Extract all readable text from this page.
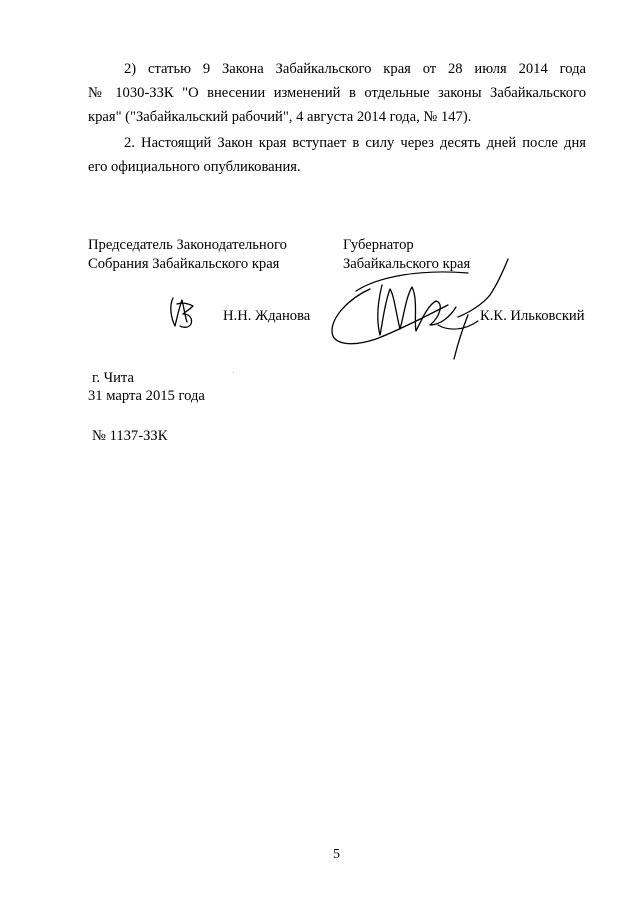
2) статью 9 Закона Забайкальского края от 28 июля 2014 года
№ 1030-ЗЗК "О внесении изменений в отдельные законы Забайкальского
края" ("Забайкальский рабочий", 4 августа 2014 года, № 147).
2. Настоящий Закон края вступает в силу через десять дней после дня
его официального опубликования.
Председатель Законодательного
Собрания Забайкальского края
Губернатор
Забайкальского края
Н.Н. Жданова	К.К. Ильковский
г. Чита
31 марта 2015 года
№ 1137-ЗЗК
5
